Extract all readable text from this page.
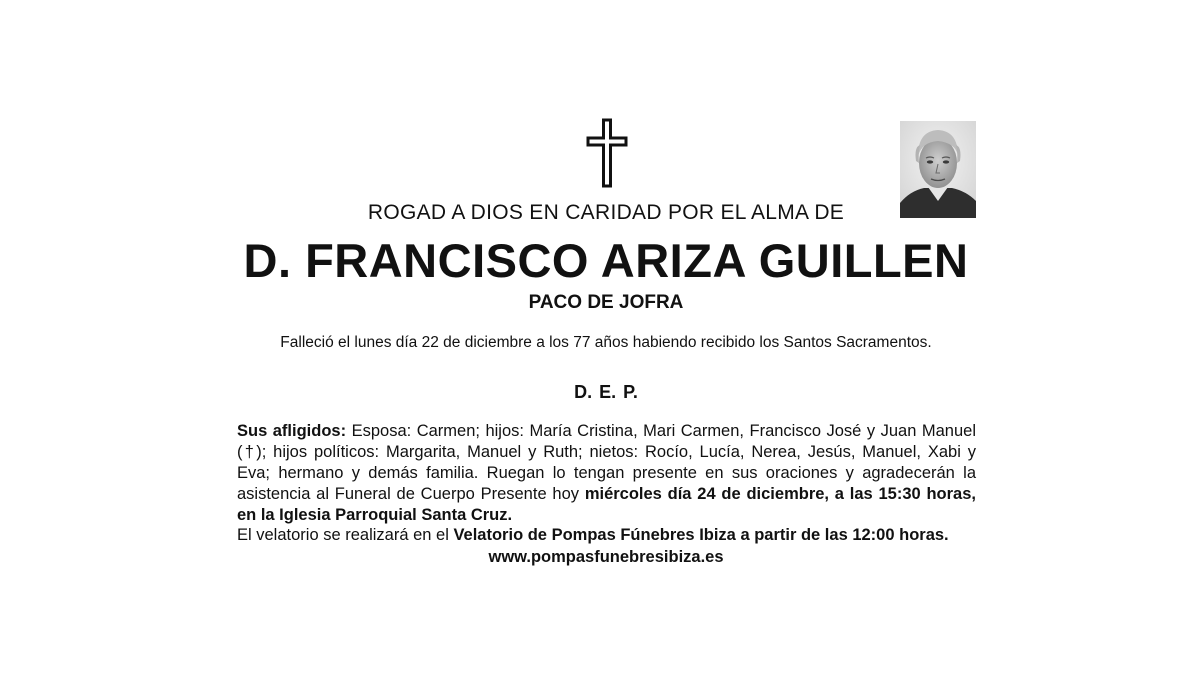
ROGAD A DIOS EN CARIDAD POR EL ALMA DE
D. FRANCISCO ARIZA GUILLEN
PACO DE JOFRA
Falleció el lunes día 22 de diciembre a los 77 años habiendo recibido los Santos Sacramentos.
D. E. P.
Sus afligidos: Esposa: Carmen; hijos: María Cristina, Mari Carmen, Francisco José y Juan Manuel (†); hijos políticos: Margarita, Manuel y Ruth; nietos: Rocío, Lucía, Nerea, Jesús, Manuel, Xabi y Eva; hermano y demás familia. Ruegan lo tengan presente en sus oraciones y agradecerán la asistencia al Funeral de Cuerpo Presente hoy miércoles día 24 de diciembre, a las 15:30 horas, en la Iglesia Parroquial Santa Cruz.
El velatorio se realizará en el Velatorio de Pompas Fúnebres Ibiza a partir de las 12:00 horas.
www.pompasfunebresibiza.es
